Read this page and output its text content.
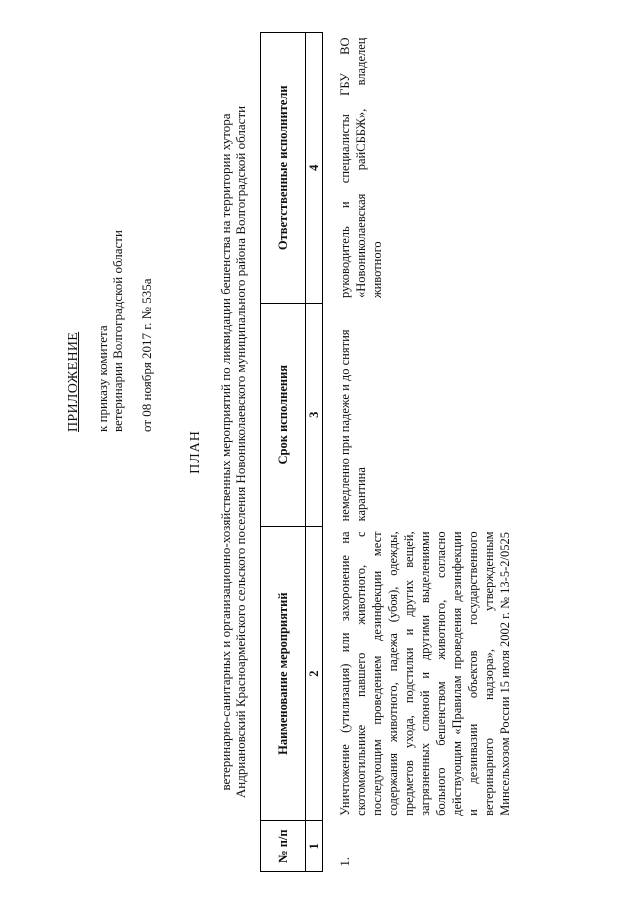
ПРИЛОЖЕНИЕ к приказу комитета ветеринарии Волгоградской области от 08 ноября 2017 г. № 535а
ПЛАН ветеринарно-санитарных и организационно-хозяйственных мероприятий по ликвидации бешенства на территории хутора Андриановский Красноармейского сельского поселения Новониколаевского муниципального района Волгоградской области
№ п/п	Наименование мероприятий	Срок исполнения	Ответственные исполнители
1	2	3	4
1.	Уничтожение (утилизация) или захоронение на скотомогильнике павшего животного, с последующим проведением дезинфекции мест содержания животного, падежа (убоя), одежды, предметов ухода, подстилки и других вещей, загрязненных слюной и другими выделениями больного бешенством животного, согласно действующим «Правилам проведения дезинфекции и дезинвазии объектов государственного ветеринарного надзора», утвержденным Минсельхозом России 15 июля 2002 г. № 13-5-2/0525	немедленно при падеже и до снятия карантина	руководитель и специалисты ГБУ ВО «Новониколаевская райСББЖ», владелец животного
